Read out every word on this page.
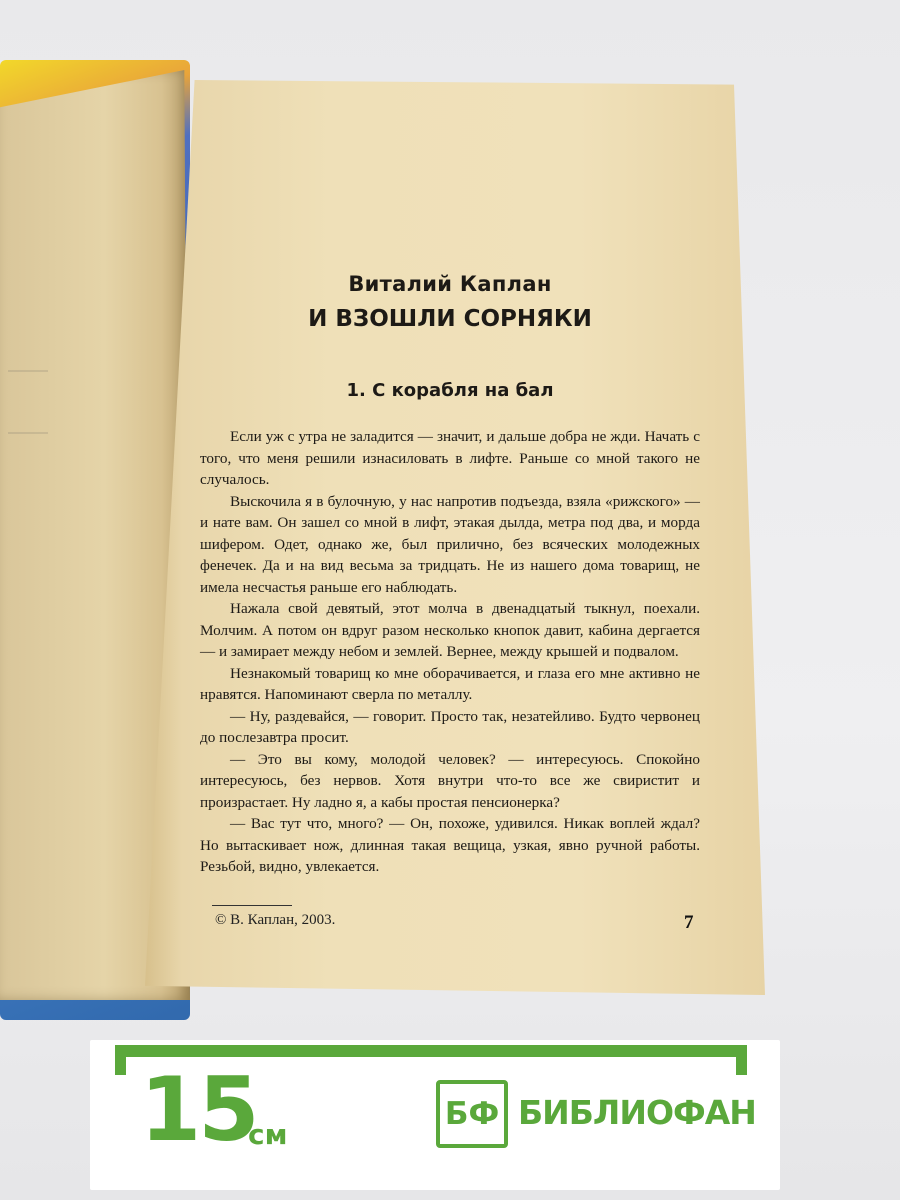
Виталий Каплан
И ВЗОШЛИ СОРНЯКИ
1. С корабля на бал

Если уж с утра не заладится — значит, и дальше добра не жди. Начать с того, что меня решили изнасиловать в лифте. Раньше со мной такого не случалось.

Выскочила я в булочную, у нас напротив подъезда, взяла «рижского» — и нате вам. Он зашел со мной в лифт, этакая дылда, метра под два, и морда шифером. Одет, однако же, был прилично, без всяческих молодежных фенечек. Да и на вид весьма за тридцать. Не из нашего дома товарищ, не имела несчастья раньше его наблюдать.

Нажала свой девятый, этот молча в двенадцатый тыкнул, поехали. Молчим. А потом он вдруг разом несколько кнопок давит, кабина дергается — и замирает между небом и землей. Вернее, между крышей и подвалом.

Незнакомый товарищ ко мне оборачивается, и глаза его мне активно не нравятся. Напоминают сверла по металлу.

— Ну, раздевайся, — говорит. Просто так, незатейливо. Будто червонец до послезавтра просит.

— Это вы кому, молодой человек? — интересуюсь. Спокойно интересуюсь, без нервов. Хотя внутри что-то все же свиристит и произрастает. Ну ладно я, а кабы простая пенсионерка?

— Вас тут что, много? — Он, похоже, удивился. Никак воплей ждал? Но вытаскивает нож, длинная такая вещица, узкая, явно ручной работы. Резьбой, видно, увлекается.

© В. Каплан, 2003.	7
15
см
БФ БИБЛИОФАН
